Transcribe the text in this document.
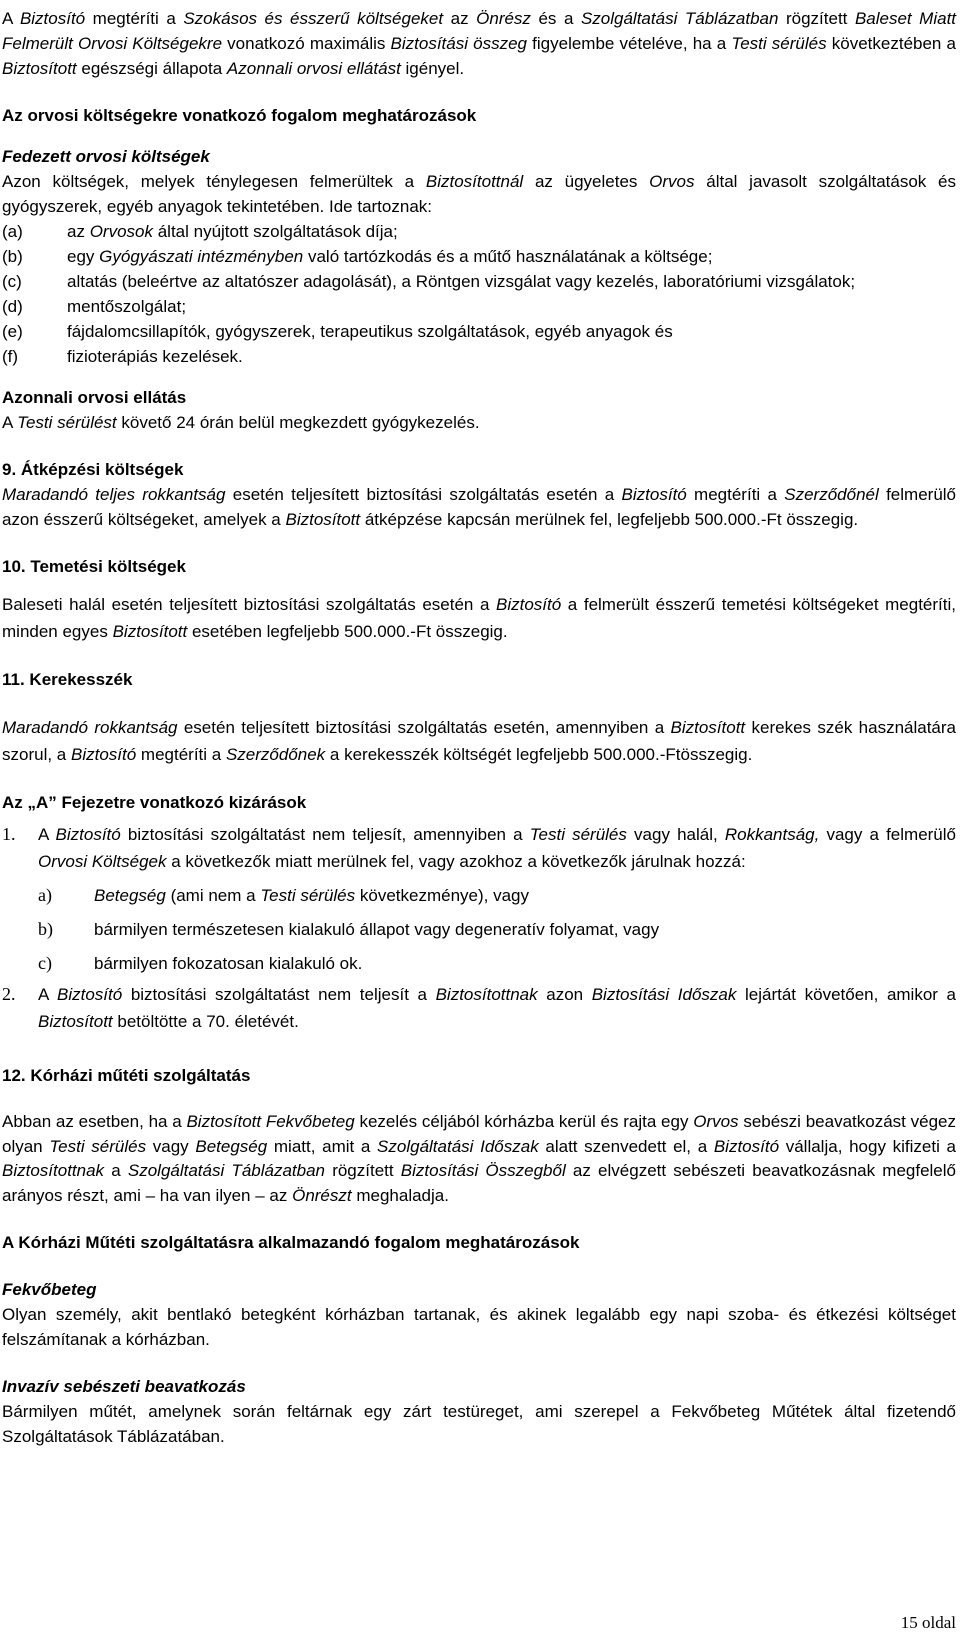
A Biztosító megtéríti a Szokásos és ésszerű költségeket az Önrész és a Szolgáltatási Táblázatban rögzített Baleset Miatt Felmerült Orvosi Költségekre vonatkozó maximális Biztosítási összeg figyelembe vételéve, ha a Testi sérülés következtében a Biztosított egészségi állapota Azonnali orvosi ellátást igényel.
Az orvosi költségekre vonatkozó fogalom meghatározások
Fedezett orvosi költségek
Azon költségek, melyek ténylegesen felmerültek a Biztosítottnál az ügyeletes Orvos által javasolt szolgáltatások és gyógyszerek, egyéb anyagok tekintetében. Ide tartoznak:
(a)	az Orvosok által nyújtott szolgáltatások díja;
(b)	egy Gyógyászati intézményben való tartózkodás és a műtő használatának a költsége;
(c)	altatás (beleértve az altatószer adagolását), a Röntgen vizsgálat vagy kezelés, laboratóriumi vizsgálatok;
(d)	mentőszolgálat;
(e)	fájdalomcsillapítók, gyógyszerek, terapeutikus szolgáltatások, egyéb anyagok és
(f)	fizioterápiás kezelések.
Azonnali orvosi ellátás
A Testi sérülést követő 24 órán belül megkezdett gyógykezelés.
9. Átképzési költségek
Maradandó teljes rokkantság esetén teljesített biztosítási szolgáltatás esetén a Biztosító megtéríti a Szerződőnél felmerülő azon ésszerű költségeket, amelyek a Biztosított átképzése kapcsán merülnek fel, legfeljebb 500.000.-Ft összegig.
10. Temetési költségek
Baleseti halál esetén teljesített biztosítási szolgáltatás esetén a Biztosító a felmerült ésszerű temetési költségeket megtéríti, minden egyes Biztosított esetében legfeljebb 500.000.-Ft összegig.
11. Kerekesszék
Maradandó rokkantság esetén teljesített biztosítási szolgáltatás esetén, amennyiben a Biztosított kerekes szék használatára szorul, a Biztosító megtéríti a Szerződőnek a kerekesszék költségét legfeljebb 500.000.-Ftösszegig.
Az „A” Fejezetre vonatkozó kizárások
1.	A Biztosító biztosítási szolgáltatást nem teljesít, amennyiben a Testi sérülés vagy halál, Rokkantság, vagy a felmerülő Orvosi Költségek a következők miatt merülnek fel, vagy azokhoz a következők járulnak hozzá:
a)	Betegség (ami nem a Testi sérülés következménye), vagy
b)	bármilyen természetesen kialakuló állapot vagy degeneratív folyamat, vagy
c)	bármilyen fokozatosan kialakuló ok.
2.	A Biztosító biztosítási szolgáltatást nem teljesít a Biztosítottnak azon Biztosítási Időszak lejártát követően, amikor a Biztosított betöltötte a 70. életévét.
12. Kórházi műtéti szolgáltatás
Abban az esetben, ha a Biztosított Fekvőbeteg kezelés céljából kórházba kerül és rajta egy Orvos sebészi beavatkozást végez olyan Testi sérülés vagy Betegség miatt, amit a Szolgáltatási Időszak alatt szenvedett el, a Biztosító vállalja, hogy kifizeti a Biztosítottnak a Szolgáltatási Táblázatban rögzített Biztosítási Összegből az elvégzett sebészeti beavatkozásnak megfelelő arányos részt, ami – ha van ilyen – az Önrészt meghaladja.
A Kórházi Műtéti szolgáltatásra alkalmazandó fogalom meghatározások
Fekvőbeteg
Olyan személy, akit bentlakó betegként kórházban tartanak, és akinek legalább egy napi szoba- és étkezési költséget felszámítanak a kórházban.
Invazív sebészeti beavatkozás
Bármilyen műtét, amelynek során feltárnak egy zárt testüreget, ami szerepel a Fekvőbeteg Műtétek által fizetendő Szolgáltatások Táblázatában.
15 oldal
